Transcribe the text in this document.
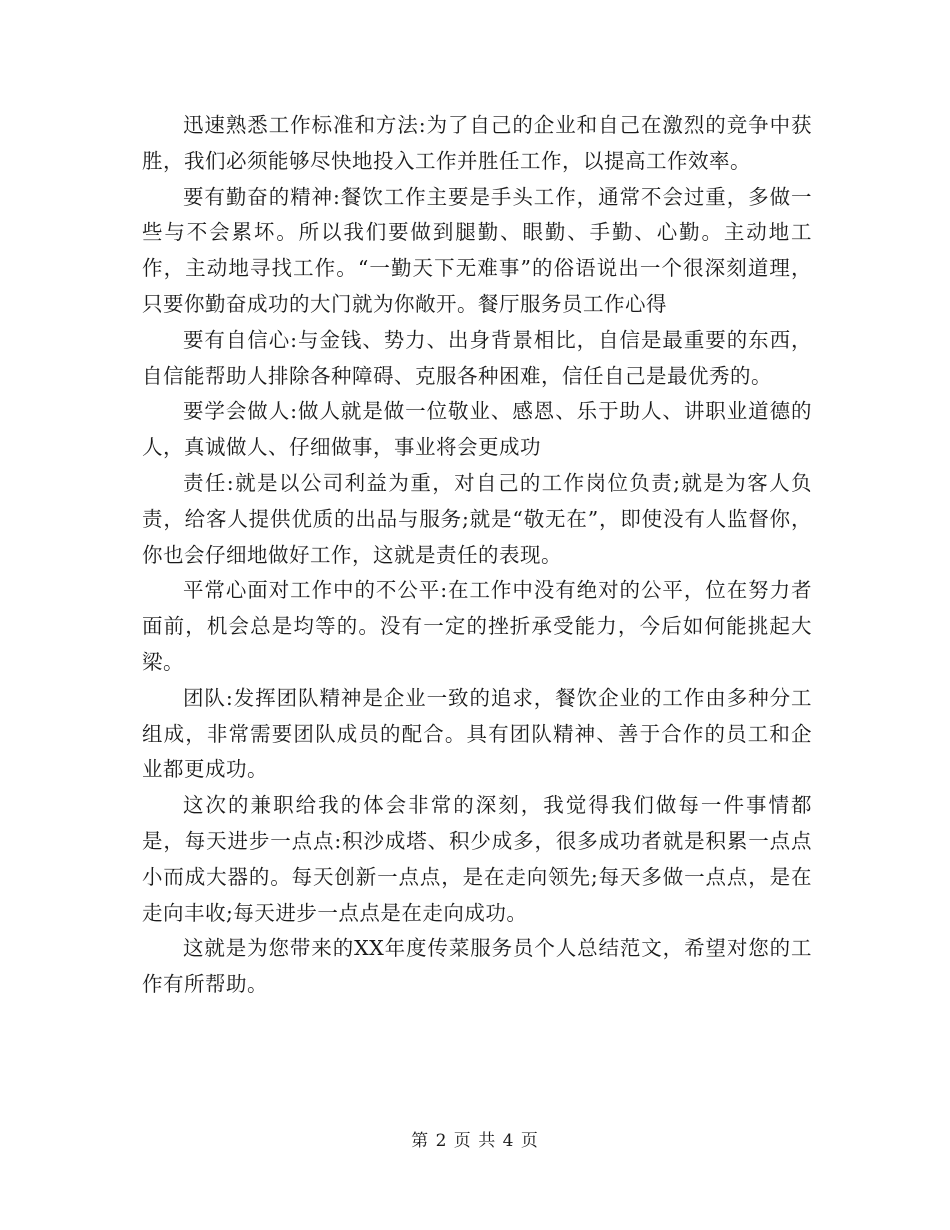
迅速熟悉工作标准和方法:为了自己的企业和自己在激烈的竞争中获胜，我们必须能够尽快地投入工作并胜任工作，以提高工作效率。

要有勤奋的精神:餐饮工作主要是手头工作，通常不会过重，多做一些与不会累坏。所以我们要做到腿勤、眼勤、手勤、心勤。主动地工作，主动地寻找工作。“一勤天下无难事”的俗语说出一个很深刻道理，只要你勤奋成功的大门就为你敞开。餐厅服务员工作心得

要有自信心:与金钱、势力、出身背景相比，自信是最重要的东西，自信能帮助人排除各种障碍、克服各种困难，信任自己是最优秀的。

要学会做人:做人就是做一位敬业、感恩、乐于助人、讲职业道德的人，真诚做人、仔细做事，事业将会更成功

责任:就是以公司利益为重，对自己的工作岗位负责;就是为客人负责，给客人提供优质的出品与服务;就是“敬无在”，即使没有人监督你，你也会仔细地做好工作，这就是责任的表现。

平常心面对工作中的不公平:在工作中没有绝对的公平，位在努力者面前，机会总是均等的。没有一定的挫折承受能力，今后如何能挑起大梁。

团队:发挥团队精神是企业一致的追求，餐饮企业的工作由多种分工组成，非常需要团队成员的配合。具有团队精神、善于合作的员工和企业都更成功。

这次的兼职给我的体会非常的深刻，我觉得我们做每一件事情都是，每天进步一点点:积沙成塔、积少成多，很多成功者就是积累一点点小而成大器的。每天创新一点点，是在走向领先;每天多做一点点，是在走向丰收;每天进步一点点是在走向成功。

这就是为您带来的XX年度传菜服务员个人总结范文，希望对您的工作有所帮助。

第 2 页 共 4 页
